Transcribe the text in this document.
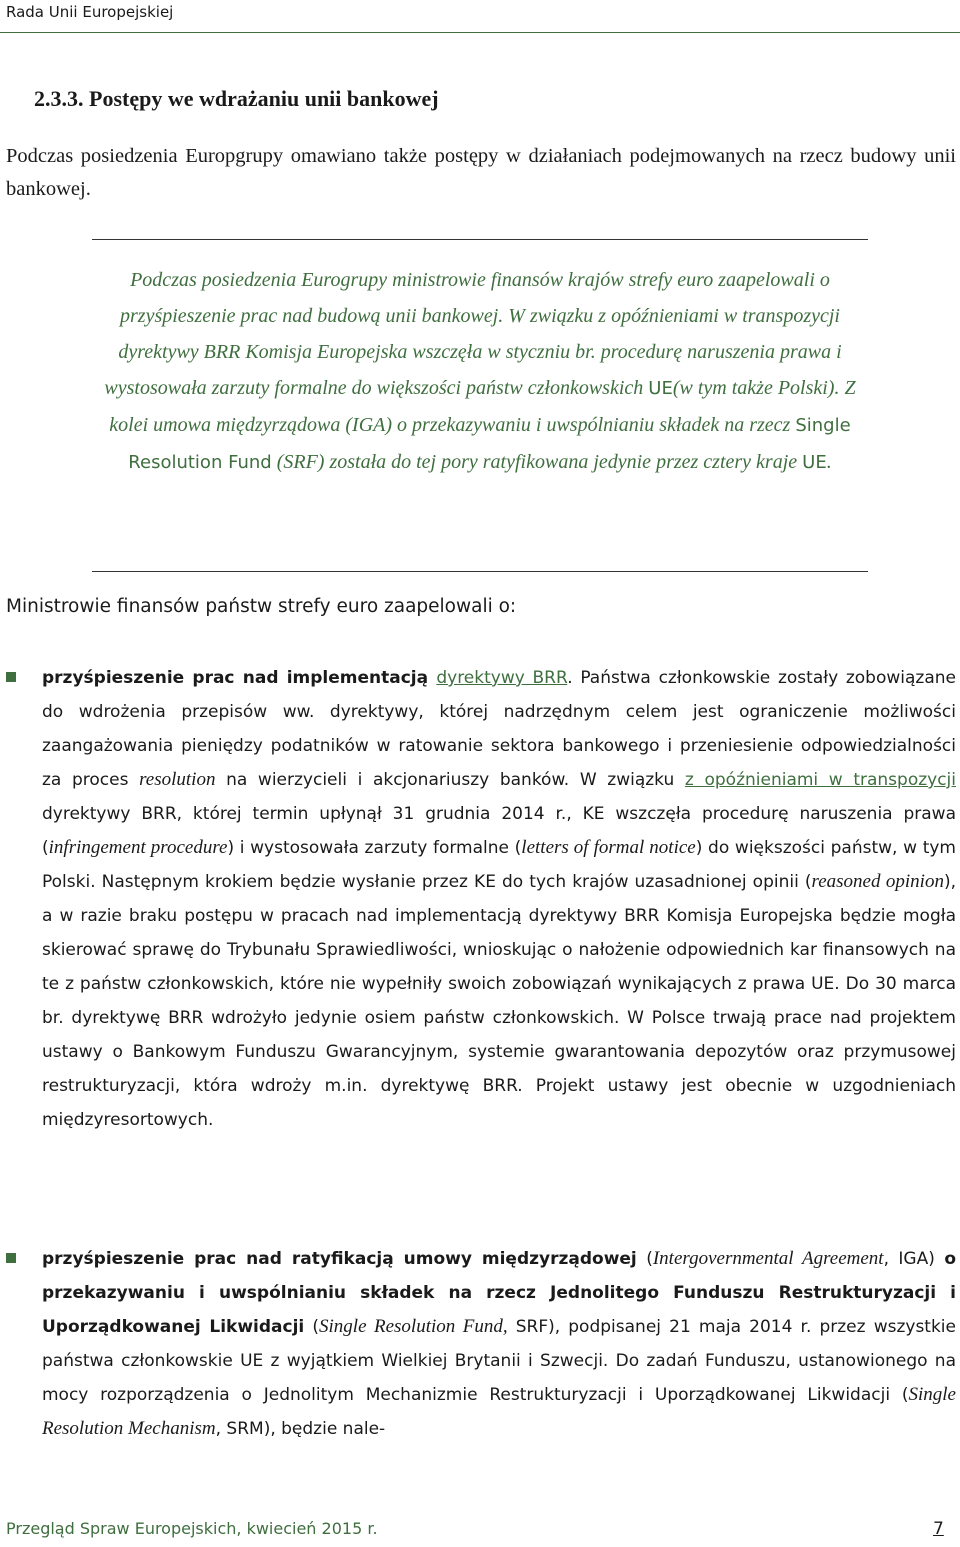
Rada Unii Europejskiej
2.3.3. Postępy we wdrażaniu unii bankowej
Podczas posiedzenia Europgrupy omawiano także postępy w działaniach podejmowanych na rzecz budowy unii bankowej.
Podczas posiedzenia Eurogrupy ministrowie finansów krajów strefy euro zaapelowali o przyśpieszenie prac nad budową unii bankowej. W związku z opóźnieniami w transpozycji dyrektywy BRR Komisja Europejska wszczęła w styczniu br. procedurę naruszenia prawa i wystosowała zarzuty formalne do większości państw członkowskich UE(w tym także Polski). Z kolei umowa międzyrządowa (IGA) o przekazywaniu i uwspólnianiu składek na rzecz Single Resolution Fund (SRF) została do tej pory ratyfikowana jedynie przez cztery kraje UE.
Ministrowie finansów państw strefy euro zaapelowali o:
przyśpieszenie prac nad implementacją dyrektywy BRR. Państwa członkowskie zostały zobowiązane do wdrożenia przepisów ww. dyrektywy, której nadrzędnym celem jest ograniczenie możliwości zaangażowania pieniędzy podatników w ratowanie sektora bankowego i przeniesienie odpowiedzialności za proces resolution na wierzycieli i akcjonariuszy banków. W związku z opóźnieniami w transpozycji dyrektywy BRR, której termin upłynął 31 grudnia 2014 r., KE wszczęła procedurę naruszenia prawa (infringement procedure) i wystosowała zarzuty formalne (letters of formal notice) do większości państw, w tym Polski. Następnym krokiem będzie wysłanie przez KE do tych krajów uzasadnionej opinii (reasoned opinion), a w razie braku postępu w pracach nad implementacją dyrektywy BRR Komisja Europejska będzie mogła skierować sprawę do Trybunału Sprawiedliwości, wnioskując o nałożenie odpowiednich kar finansowych na te z państw członkowskich, które nie wypełniły swoich zobowiązań wynikających z prawa UE. Do 30 marca br. dyrektywę BRR wdrożyło jedynie osiem państw członkowskich. W Polsce trwają prace nad projektem ustawy o Bankowym Funduszu Gwarancyjnym, systemie gwarantowania depozytów oraz przymusowej restrukturyzacji, która wdroży m.in. dyrektywę BRR. Projekt ustawy jest obecnie w uzgodnieniach międzyresortowych.
przyśpieszenie prac nad ratyfikacją umowy międzyrządowej (Intergovernmental Agreement, IGA) o przekazywaniu i uwspólnianiu składek na rzecz Jednolitego Funduszu Restrukturyzacji i Uporządkowanej Likwidacji (Single Resolution Fund, SRF), podpisanej 21 maja 2014 r. przez wszystkie państwa członkowskie UE z wyjątkiem Wielkiej Brytanii i Szwecji. Do zadań Funduszu, ustanowionego na mocy rozporządzenia o Jednolitym Mechanizmie Restrukturyzacji i Uporządkowanej Likwidacji (Single Resolution Mechanism, SRM), będzie nale-
Przegląd Spraw Europejskich, kwiecień 2015 r.	7
